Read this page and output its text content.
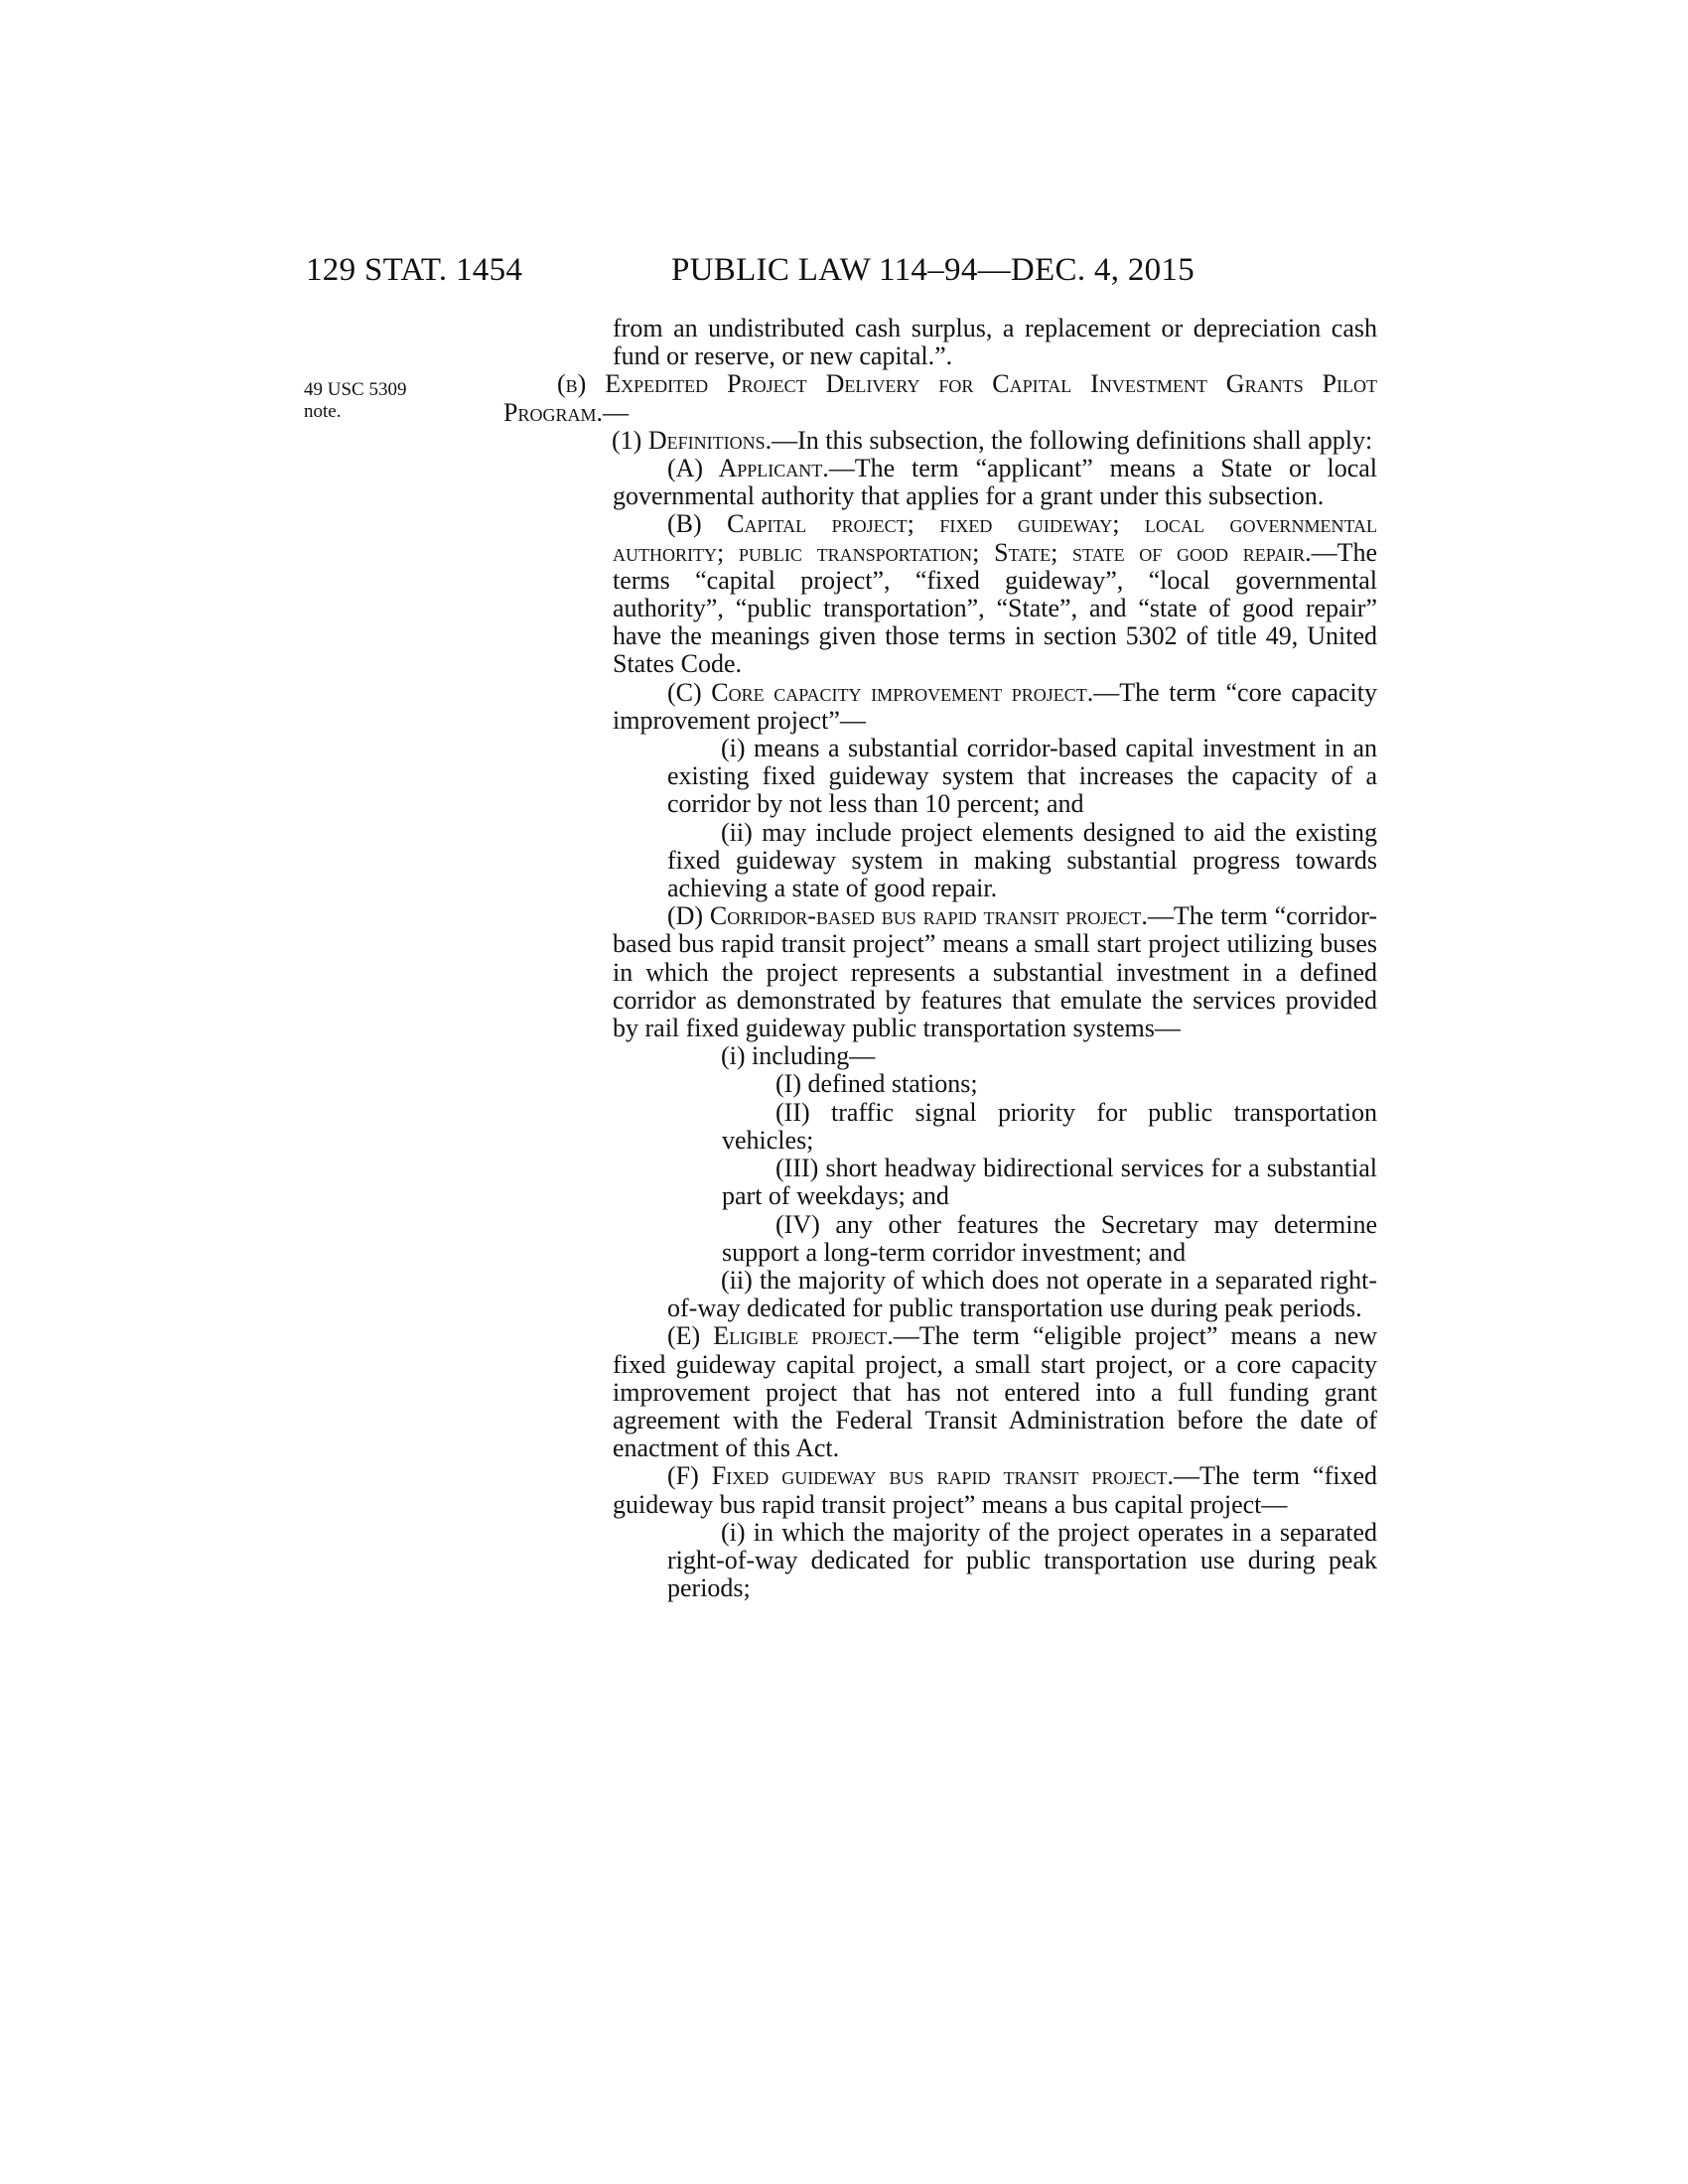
129 STAT. 1454	PUBLIC LAW 114–94—DEC. 4, 2015
49 USC 5309
note.

from an undistributed cash surplus, a replacement or depreciation cash fund or reserve, or new capital.”.

(b) Expedited Project Delivery for Capital Investment Grants Pilot Program.—

(1) Definitions.—In this subsection, the following definitions shall apply:

(A) Applicant.—The term “applicant” means a State or local governmental authority that applies for a grant under this subsection.

(B) Capital project; fixed guideway; local governmental authority; public transportation; State; state of good repair.—The terms “capital project”, “fixed guideway”, “local governmental authority”, “public transportation”, “State”, and “state of good repair” have the meanings given those terms in section 5302 of title 49, United States Code.

(C) Core capacity improvement project.—The term “core capacity improvement project”—

(i) means a substantial corridor-based capital investment in an existing fixed guideway system that increases the capacity of a corridor by not less than 10 percent; and

(ii) may include project elements designed to aid the existing fixed guideway system in making substantial progress towards achieving a state of good repair.

(D) Corridor-based bus rapid transit project.—The term “corridor-based bus rapid transit project” means a small start project utilizing buses in which the project represents a substantial investment in a defined corridor as demonstrated by features that emulate the services provided by rail fixed guideway public transportation systems—

(i) including—

(I) defined stations;

(II) traffic signal priority for public transportation vehicles;

(III) short headway bidirectional services for a substantial part of weekdays; and

(IV) any other features the Secretary may determine support a long-term corridor investment; and

(ii) the majority of which does not operate in a separated right-of-way dedicated for public transportation use during peak periods.

(E) Eligible project.—The term “eligible project” means a new fixed guideway capital project, a small start project, or a core capacity improvement project that has not entered into a full funding grant agreement with the Federal Transit Administration before the date of enactment of this Act.

(F) Fixed guideway bus rapid transit project.—The term “fixed guideway bus rapid transit project” means a bus capital project—

(i) in which the majority of the project operates in a separated right-of-way dedicated for public transportation use during peak periods;
